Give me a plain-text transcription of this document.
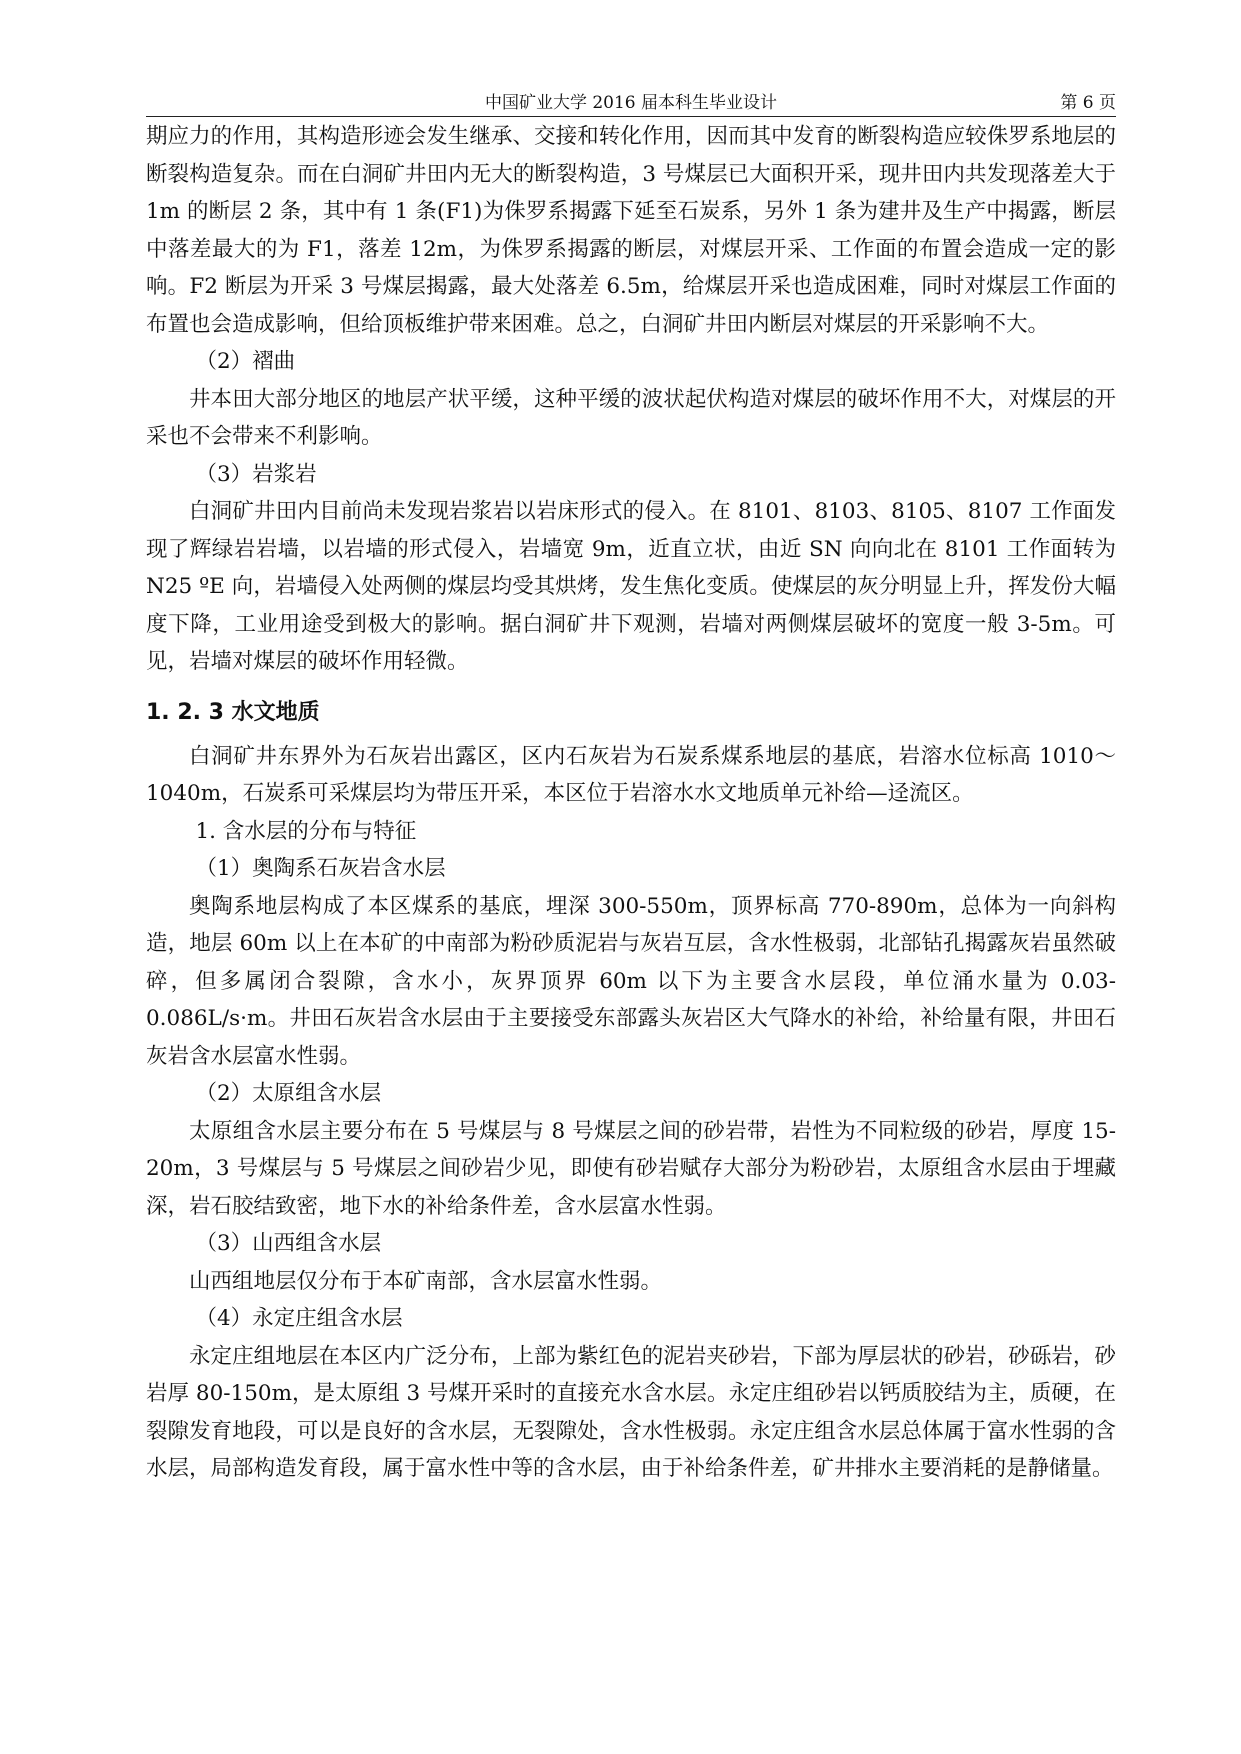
中国矿业大学 2016 届本科生毕业设计	第 6 页

期应力的作用，其构造形迹会发生继承、交接和转化作用，因而其中发育的断裂构造应较侏罗系地层的断裂构造复杂。而在白洞矿井田内无大的断裂构造，3 号煤层已大面积开采，现井田内共发现落差大于 1m 的断层 2 条，其中有 1 条(F1)为侏罗系揭露下延至石炭系，另外 1 条为建井及生产中揭露，断层中落差最大的为 F1，落差 12m，为侏罗系揭露的断层，对煤层开采、工作面的布置会造成一定的影响。F2 断层为开采 3 号煤层揭露，最大处落差 6.5m，给煤层开采也造成困难，同时对煤层工作面的布置也会造成影响，但给顶板维护带来困难。总之，白洞矿井田内断层对煤层的开采影响不大。

（2）褶曲

井本田大部分地区的地层产状平缓，这种平缓的波状起伏构造对煤层的破坏作用不大，对煤层的开采也不会带来不利影响。

（3）岩浆岩

白洞矿井田内目前尚未发现岩浆岩以岩床形式的侵入。在 8101、8103、8105、8107 工作面发现了辉绿岩岩墙，以岩墙的形式侵入，岩墙宽 9m，近直立状，由近 SN 向向北在 8101 工作面转为 N25 ºE 向，岩墙侵入处两侧的煤层均受其烘烤，发生焦化变质。使煤层的灰分明显上升，挥发份大幅度下降，工业用途受到极大的影响。据白洞矿井下观测，岩墙对两侧煤层破坏的宽度一般 3-5m。可见，岩墙对煤层的破坏作用轻微。

1. 2. 3 水文地质

白洞矿井东界外为石灰岩出露区，区内石灰岩为石炭系煤系地层的基底，岩溶水位标高 1010～1040m，石炭系可采煤层均为带压开采，本区位于岩溶水水文地质单元补给—迳流区。

1. 含水层的分布与特征

（1）奥陶系石灰岩含水层

奥陶系地层构成了本区煤系的基底，埋深 300-550m，顶界标高 770-890m，总体为一向斜构造，地层 60m 以上在本矿的中南部为粉砂质泥岩与灰岩互层，含水性极弱，北部钻孔揭露灰岩虽然破碎，但多属闭合裂隙，含水小，灰界顶界 60m 以下为主要含水层段，单位涌水量为 0.03-0.086L/s·m。井田石灰岩含水层由于主要接受东部露头灰岩区大气降水的补给，补给量有限，井田石灰岩含水层富水性弱。

（2）太原组含水层

太原组含水层主要分布在 5 号煤层与 8 号煤层之间的砂岩带，岩性为不同粒级的砂岩，厚度 15-20m，3 号煤层与 5 号煤层之间砂岩少见，即使有砂岩赋存大部分为粉砂岩，太原组含水层由于埋藏深，岩石胶结致密，地下水的补给条件差，含水层富水性弱。

（3）山西组含水层

山西组地层仅分布于本矿南部，含水层富水性弱。

（4）永定庄组含水层

永定庄组地层在本区内广泛分布，上部为紫红色的泥岩夹砂岩，下部为厚层状的砂岩，砂砾岩，砂岩厚 80-150m，是太原组 3 号煤开采时的直接充水含水层。永定庄组砂岩以钙质胶结为主，质硬，在裂隙发育地段，可以是良好的含水层，无裂隙处，含水性极弱。永定庄组含水层总体属于富水性弱的含水层，局部构造发育段，属于富水性中等的含水层，由于补给条件差，矿井排水主要消耗的是静储量。
